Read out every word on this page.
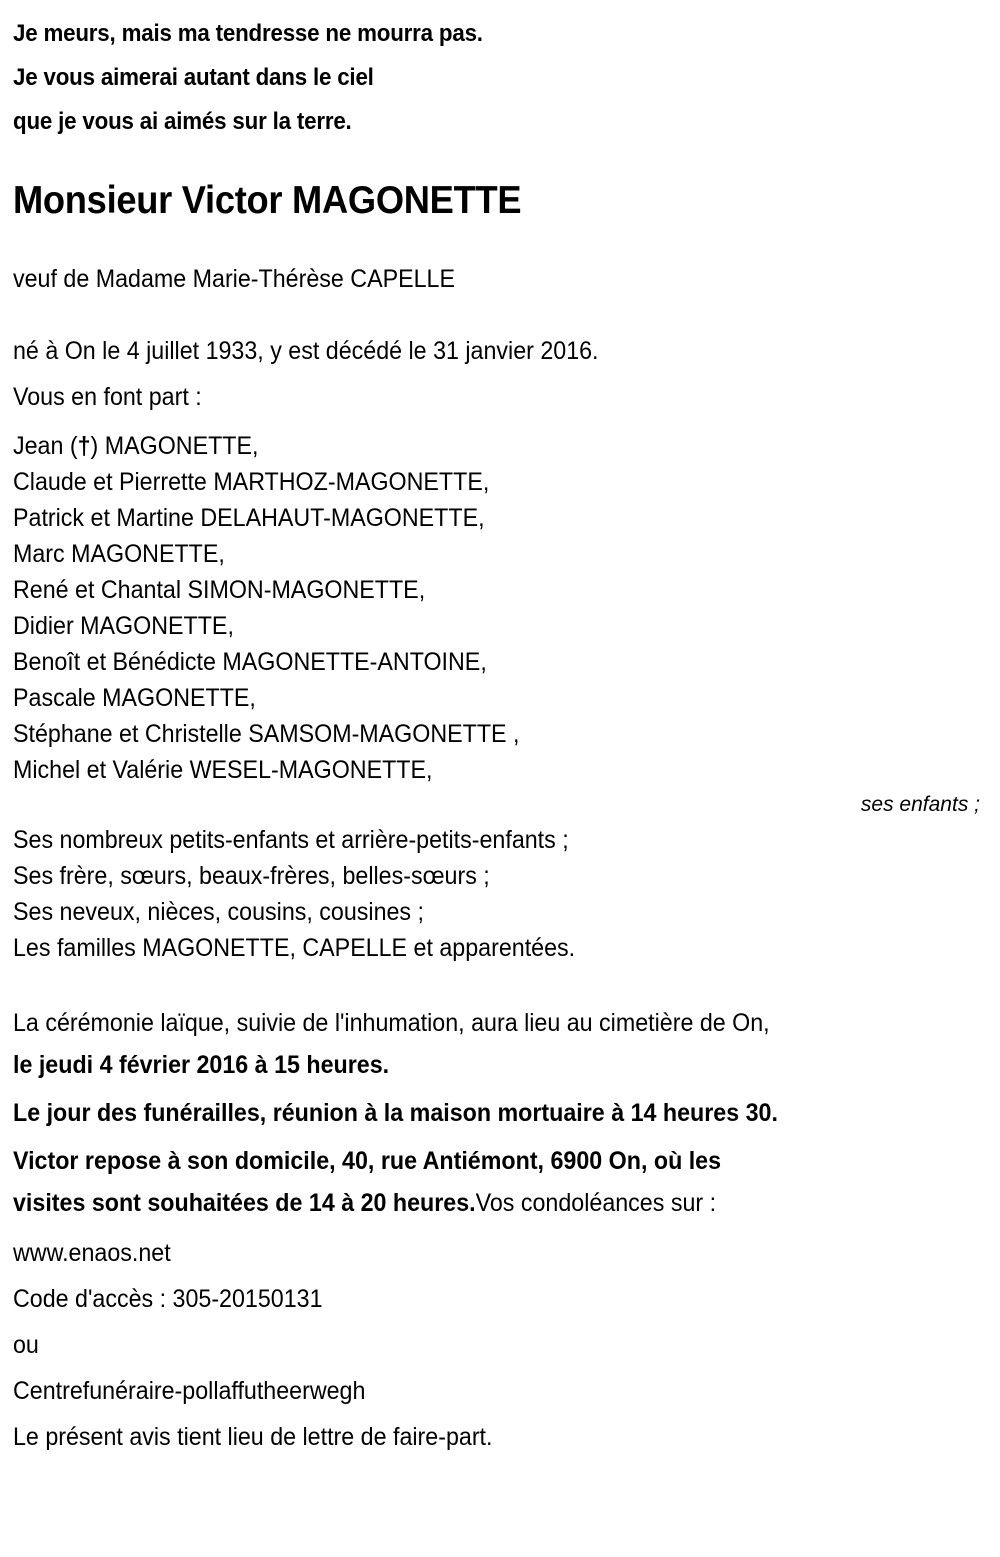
Je meurs, mais ma tendresse ne mourra pas.
Je vous aimerai autant dans le ciel
que je vous ai aimés sur la terre.
Monsieur Victor MAGONETTE
veuf de Madame Marie-Thérèse CAPELLE
né à On le 4 juillet 1933, y est décédé le 31 janvier 2016.
Vous en font part :
Jean (†) MAGONETTE,
Claude et Pierrette MARTHOZ-MAGONETTE,
Patrick et Martine DELAHAUT-MAGONETTE,
Marc MAGONETTE,
René et Chantal SIMON-MAGONETTE,
Didier MAGONETTE,
Benoît et Bénédicte MAGONETTE-ANTOINE,
Pascale MAGONETTE,
Stéphane et Christelle SAMSOM-MAGONETTE ,
Michel et Valérie WESEL-MAGONETTE,
ses enfants ;
Ses nombreux petits-enfants et arrière-petits-enfants ;
Ses frère, sœurs, beaux-frères, belles-sœurs ;
Ses neveux, nièces, cousins, cousines ;
Les familles MAGONETTE, CAPELLE et apparentées.
La cérémonie laïque, suivie de l'inhumation, aura lieu au cimetière de On,
le jeudi 4 février 2016 à 15 heures.
Le jour des funérailles, réunion à la maison mortuaire à 14 heures 30.
Victor repose à son domicile, 40, rue Antiémont, 6900 On, où les
visites sont souhaitées de 14 à 20 heures.Vos condoléances sur :
www.enaos.net
Code d'accès : 305-20150131
ou
Centrefunéraire-pollaffutheerwegh
Le présent avis tient lieu de lettre de faire-part.
